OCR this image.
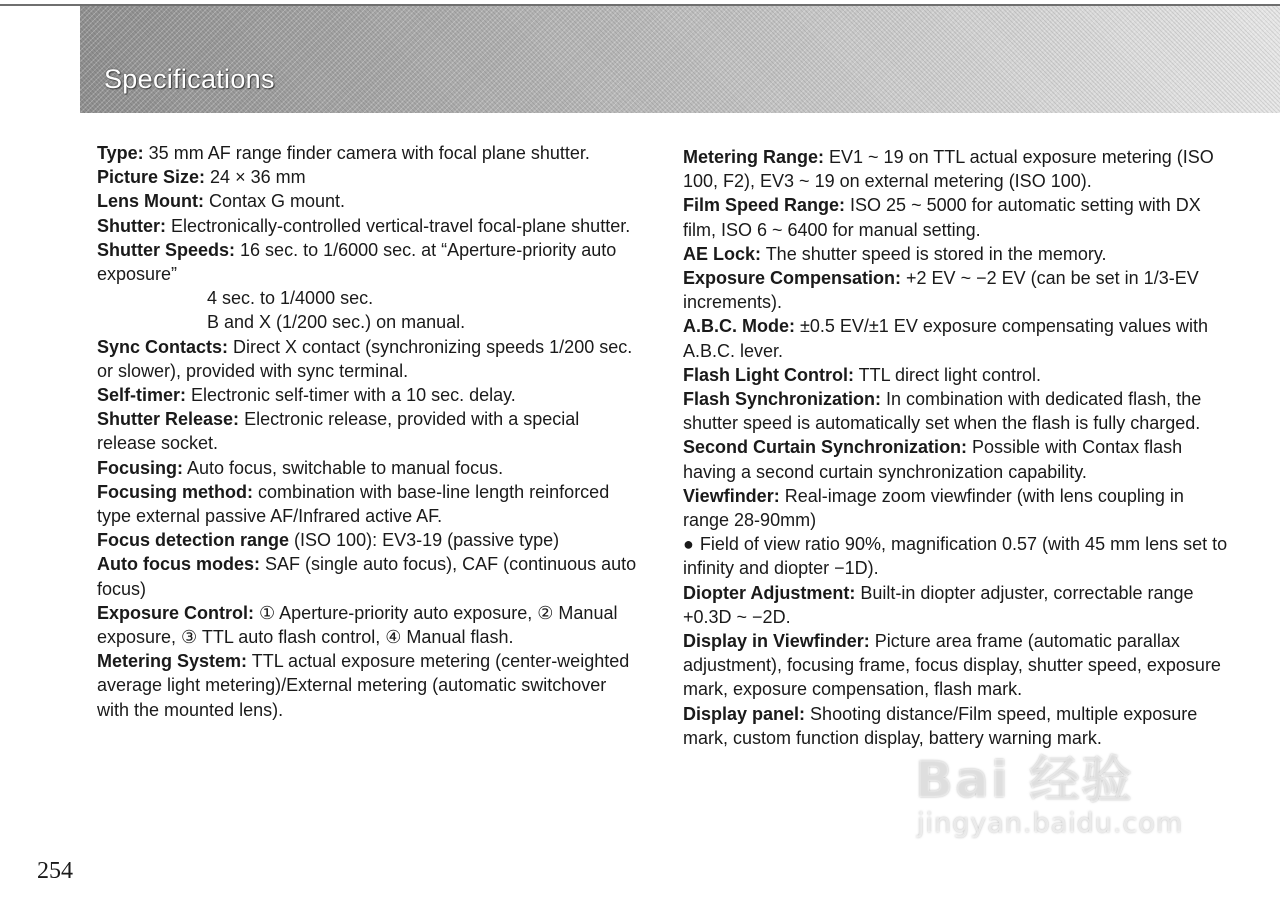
Specifications

Type: 35 mm AF range finder camera with focal plane shutter.

Picture Size: 24 × 36 mm

Lens Mount: Contax G mount.

Shutter: Electronically-controlled vertical-travel focal-plane shutter.

Shutter Speeds: 16 sec. to 1/6000 sec. at “Aperture-priority auto exposure”

4 sec. to 1/4000 sec.

B and X (1/200 sec.) on manual.

Sync Contacts: Direct X contact (synchronizing speeds 1/200 sec. or slower), provided with sync terminal.

Self-timer: Electronic self-timer with a 10 sec. delay.

Shutter Release: Electronic release, provided with a special release socket.

Focusing: Auto focus, switchable to manual focus.

Focusing method: combination with base-line length reinforced type external passive AF/Infrared active AF.

Focus detection range (ISO 100): EV3-19 (passive type)

Auto focus modes: SAF (single auto focus), CAF (continuous auto focus)

Exposure Control: ① Aperture-priority auto exposure, ② Manual exposure, ③ TTL auto flash control, ④ Manual flash.

Metering System: TTL actual exposure metering (center-weighted average light metering)/External metering (automatic switchover with the mounted lens).

Metering Range: EV1 ~ 19 on TTL actual exposure metering (ISO 100, F2), EV3 ~ 19 on external metering (ISO 100).

Film Speed Range: ISO 25 ~ 5000 for automatic setting with DX film, ISO 6 ~ 6400 for manual setting.

AE Lock: The shutter speed is stored in the memory.

Exposure Compensation: +2 EV ~ −2 EV (can be set in 1/3-EV increments).

A.B.C. Mode: ±0.5 EV/±1 EV exposure compensating values with A.B.C. lever.

Flash Light Control: TTL direct light control.

Flash Synchronization: In combination with dedicated flash, the shutter speed is automatically set when the flash is fully charged.

Second Curtain Synchronization: Possible with Contax flash having a second curtain synchronization capability.

Viewfinder: Real-image zoom viewfinder (with lens coupling in range 28-90mm)

● Field of view ratio 90%, magnification 0.57 (with 45 mm lens set to infinity and diopter −1D).

Diopter Adjustment: Built-in diopter adjuster, correctable range +0.3D ~ −2D.

Display in Viewfinder: Picture area frame (automatic parallax adjustment), focusing frame, focus display, shutter speed, exposure mark, exposure compensation, flash mark.

Display panel: Shooting distance/Film speed, multiple exposure mark, custom function display, battery warning mark.

254
Bai 经验
jingyan.baidu.com
